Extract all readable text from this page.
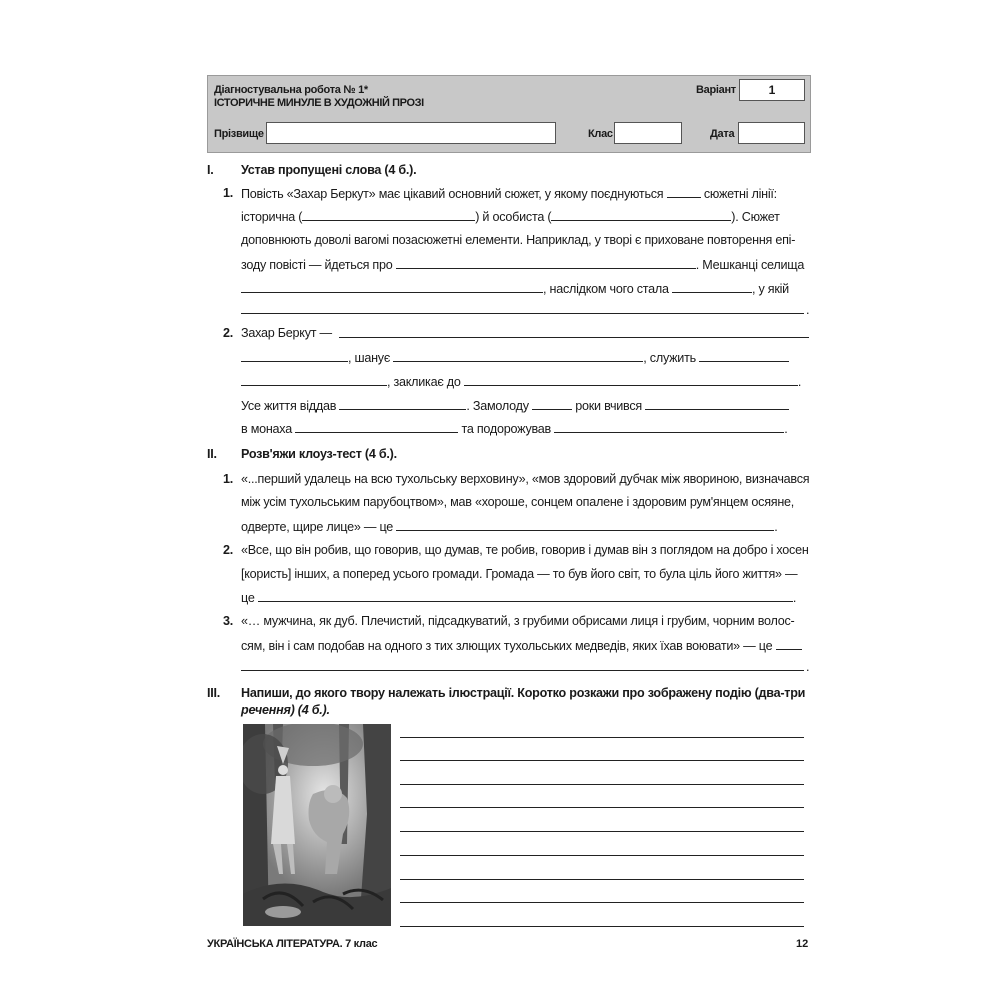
Діагностувальна робота № 1*
ІСТОРИЧНЕ МИНУЛЕ В ХУДОЖНІЙ ПРОЗІ
Варіант	1
Прізвище	Клас	Дата
I. Устав пропущені слова (4 б.).
1. Повість «Захар Беркут» має цікавий основний сюжет, у якому поєднуються	сюжетні лінії:
історична (	) й особиста (	). Сюжет
доповнюють доволі вагомі позасюжетні елементи. Наприклад, у творі є приховане повторення епі-
зоду повісті — йдеться про	. Мешканці селища
, наслідком чого стала	, у якій
.
2. Захар Беркут —
, шанує	, служить
, закликає до	.
Усе життя віддав	. Замолоду	роки вчився
в монаха	та подорожував	.
II. Розв'яжи клоуз-тест (4 б.).
1. «...перший удалець на всю тухольську верховину», «мов здоровий дубчак між явориною, визначався
між усім тухольським парубоцтвом», мав «хороше, сонцем опалене і здоровим рум'янцем осяяне,
одверте, щире лице» — це	.
2. «Все, що він робив, що говорив, що думав, те робив, говорив і думав він з поглядом на добро і хосен
[користь] інших, а поперед усього громади. Громада — то був його світ, то була ціль його життя» —
це	.
3. «… мужчина, як дуб. Плечистий, підсадкуватий, з грубими обрисами лиця і грубим, чорним волос-
сям, він і сам подобав на одного з тих злющих тухольських медведів, яких їхав воювати» — це
.
III. Напиши, до якого твору належать ілюстрації. Коротко розкажи про зображену подію (два-три
речення) (4 б.).
УКРАЇНСЬКА ЛІТЕРАТУРА. 7 клас	12
